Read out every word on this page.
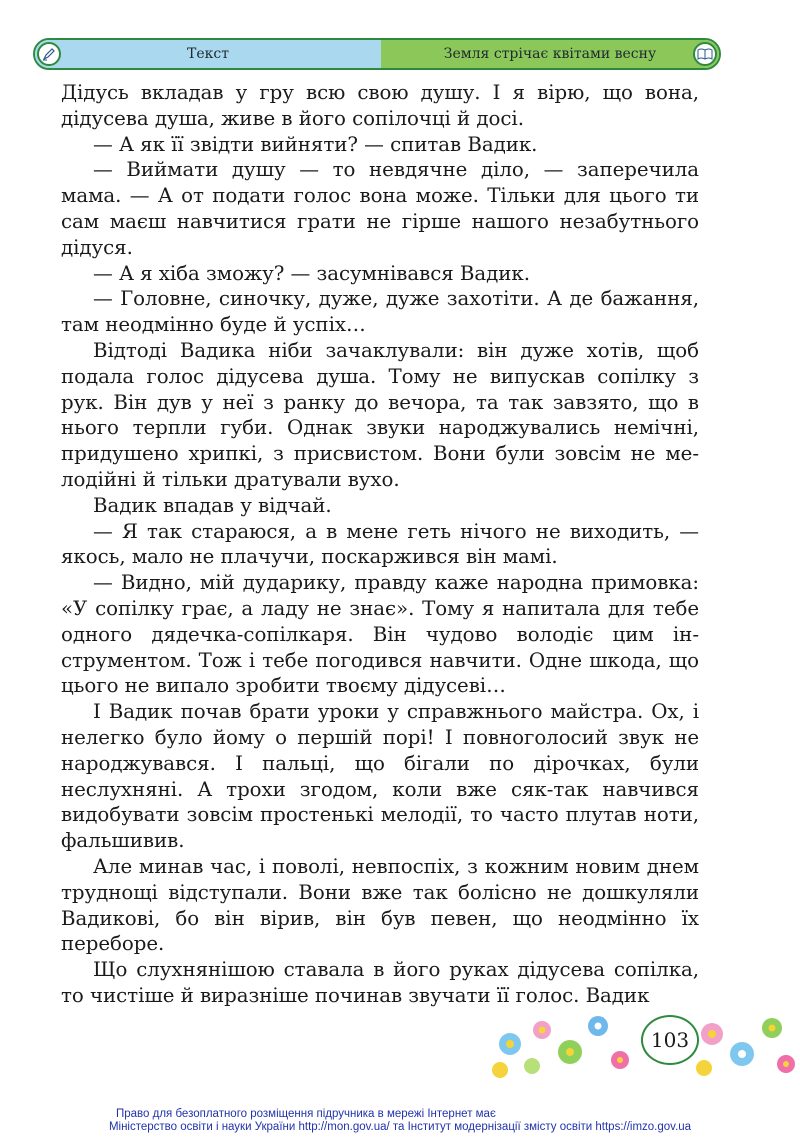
Текст	Земля стрічає квітами весну

Дідусь вкладав у гру всю свою душу. І я вірю, що вона, дідусева душа, живе в його сопілочці й досі.

— А як її звідти вийняти? — спитав Вадик.

— Виймати душу — то невдячне діло, — заперечила мама. — А от подати голос вона може. Тільки для цього ти сам маєш навчитися грати не гірше нашого незабутнього дідуся.

— А я хіба зможу? — засумнівався Вадик.

— Головне, синочку, дуже, дуже захотіти. А де бажання, там неодмінно буде й успіх…

Відтоді Вадика ніби зачаклували: він дуже хотів, щоб подала голос дідусева душа. Тому не випускав сопілку з рук. Він дув у неї з ранку до вечора, та так завзято, що в нього терпли губи. Однак звуки народжувались немічні, придушено хрипкі, з присвистом. Вони були зовсім не мелодійні й тільки дратували вухо.

Вадик впадав у відчай.

— Я так стараюся, а в мене геть нічого не виходить, — якось, мало не плачучи, поскаржився він мамі.

— Видно, мій дударику, правду каже народна примовка: «У сопілку грає, а ладу не знає». Тому я напитала для тебе одного дядечка-сопілкаря. Він чудово володіє цим інструментом. Тож і тебе погодився навчити. Одне шкода, що цього не випало зробити твоєму дідусеві…

І Вадик почав брати уроки у справжнього майстра. Ох, і нелегко було йому о першій порі! І повноголосий звук не народжувався. І пальці, що бігали по дірочках, були неслухняні. А трохи згодом, коли вже сяк-так навчився видобувати зовсім простенькі мелодії, то часто плутав ноти, фальшивив.

Але минав час, і поволі, невпоспіх, з кожним новим днем труднощі відступали. Вони вже так болісно не дошкуляли Вадикові, бо він вірив, він був певен, що неодмінно їх переборе.

Що слухнянішою ставала в його руках дідусева сопілка, то чистіше й виразніше починав звучати її голос. Вадик

103
Право для безоплатного розміщення підручника в мережі Інтернет має
Міністерство освіти і науки України http://mon.gov.ua/ та Інститут модернізації змісту освіти https://imzo.gov.ua
